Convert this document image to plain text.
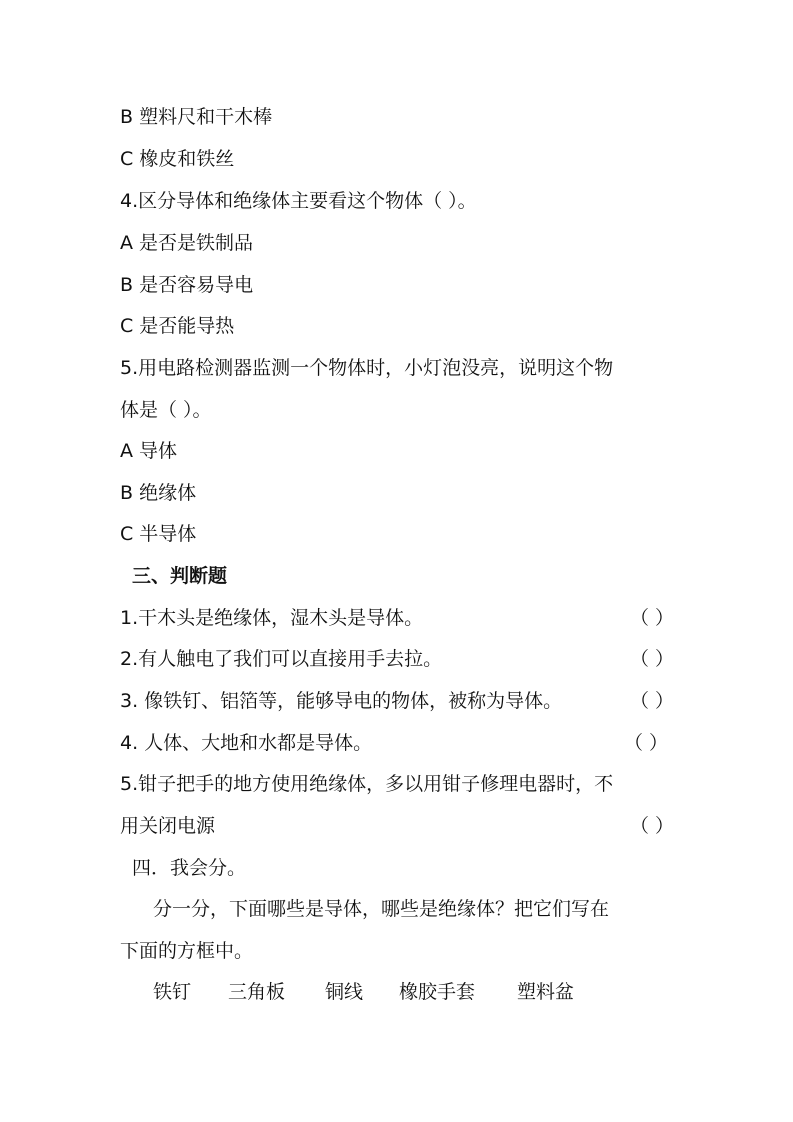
B 塑料尺和干木棒
C 橡皮和铁丝
4.区分导体和绝缘体主要看这个物体（ ）。
A 是否是铁制品
B 是否容易导电
C 是否能导热
5.用电路检测器监测一个物体时，小灯泡没亮，说明这个物
体是（ ）。
A 导体
B 绝缘体
C 半导体
三、判断题
1.干木头是绝缘体，湿木头是导体。	（ ）
2.有人触电了我们可以直接用手去拉。	（ ）
3. 像铁钉、铝箔等，能够导电的物体，被称为导体。	（ ）
4. 人体、大地和水都是导体。	（ ）
5.钳子把手的地方使用绝缘体，多以用钳子修理电器时，不
用关闭电源	（ ）
四．我会分。
分一分，下面哪些是导体，哪些是绝缘体？把它们写在
下面的方框中。
铁钉	三角板	铜线	橡胶手套	塑料盆
